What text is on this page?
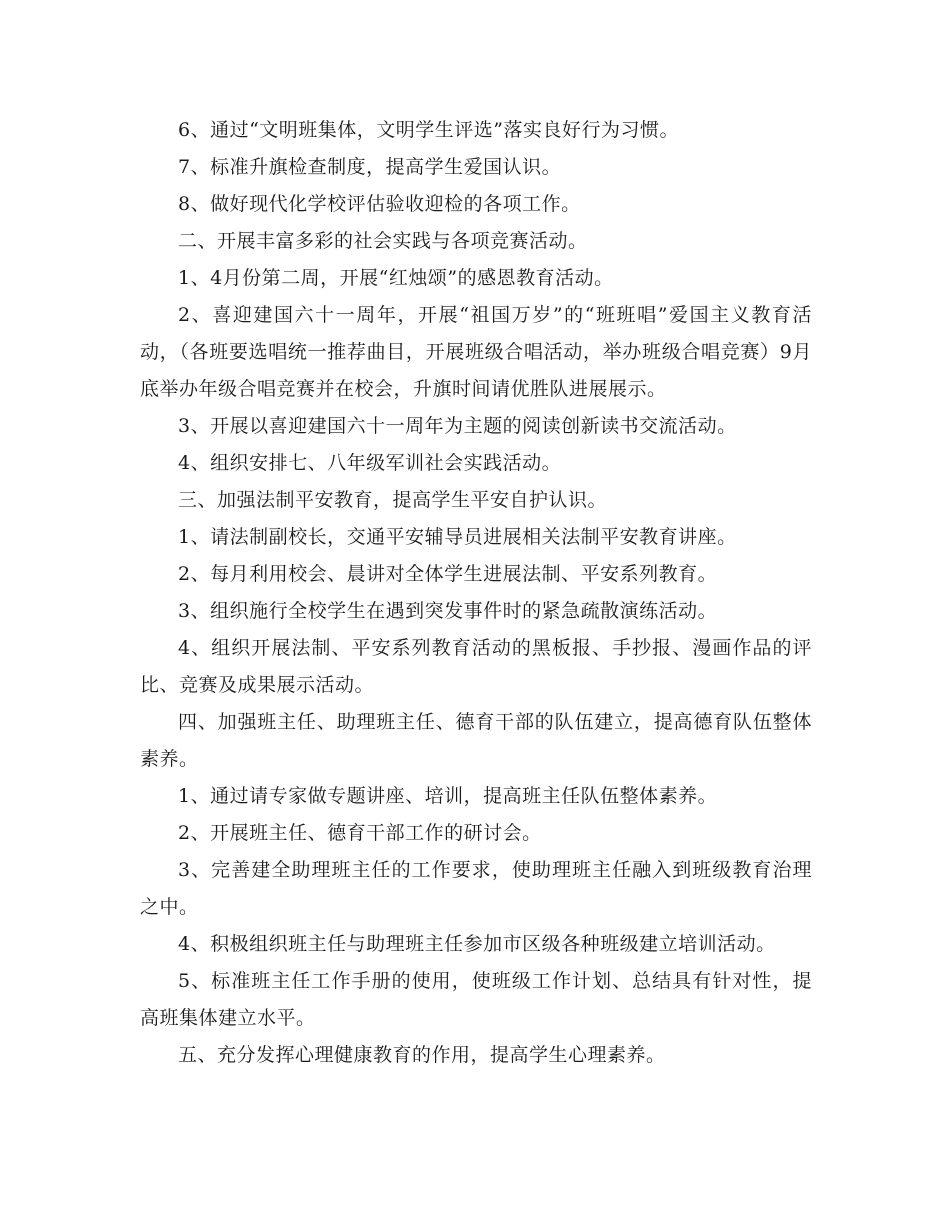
6、通过“文明班集体，文明学生评选”落实良好行为习惯。

7、标准升旗检查制度，提高学生爱国认识。

8、做好现代化学校评估验收迎检的各项工作。

二、开展丰富多彩的社会实践与各项竞赛活动。

1、4月份第二周，开展“红烛颂”的感恩教育活动。

2、喜迎建国六十一周年，开展“祖国万岁”的“班班唱”爱国主义教育活动，（各班要选唱统一推荐曲目，开展班级合唱活动，举办班级合唱竞赛）9月底举办年级合唱竞赛并在校会，升旗时间请优胜队进展展示。

3、开展以喜迎建国六十一周年为主题的阅读创新读书交流活动。

4、组织安排七、八年级军训社会实践活动。

三、加强法制平安教育，提高学生平安自护认识。

1、请法制副校长，交通平安辅导员进展相关法制平安教育讲座。

2、每月利用校会、晨讲对全体学生进展法制、平安系列教育。

3、组织施行全校学生在遇到突发事件时的紧急疏散演练活动。

4、组织开展法制、平安系列教育活动的黑板报、手抄报、漫画作品的评比、竞赛及成果展示活动。

四、加强班主任、助理班主任、德育干部的队伍建立，提高德育队伍整体素养。

1、通过请专家做专题讲座、培训，提高班主任队伍整体素养。

2、开展班主任、德育干部工作的研讨会。

3、完善建全助理班主任的工作要求，使助理班主任融入到班级教育治理之中。

4、积极组织班主任与助理班主任参加市区级各种班级建立培训活动。

5、标准班主任工作手册的使用，使班级工作计划、总结具有针对性，提高班集体建立水平。

五、充分发挥心理健康教育的作用，提高学生心理素养。
